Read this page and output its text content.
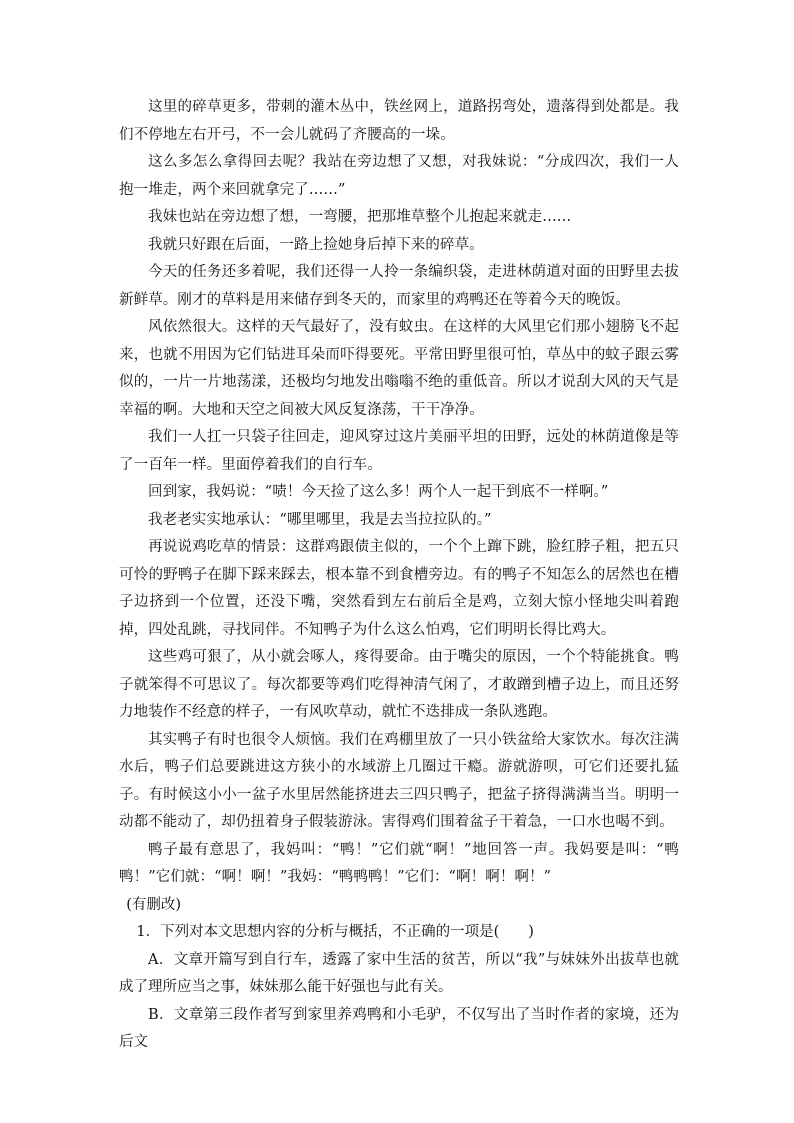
这里的碎草更多，带刺的灌木丛中，铁丝网上，道路拐弯处，遗落得到处都是。我们不停地左右开弓，不一会儿就码了齐腰高的一垛。

这么多怎么拿得回去呢？我站在旁边想了又想，对我妹说：“分成四次，我们一人抱一堆走，两个来回就拿完了……”

我妹也站在旁边想了想，一弯腰，把那堆草整个儿抱起来就走……

我就只好跟在后面，一路上捡她身后掉下来的碎草。

今天的任务还多着呢，我们还得一人拎一条编织袋，走进林荫道对面的田野里去拔新鲜草。刚才的草料是用来储存到冬天的，而家里的鸡鸭还在等着今天的晚饭。

风依然很大。这样的天气最好了，没有蚊虫。在这样的大风里它们那小翅膀飞不起来，也就不用因为它们钻进耳朵而吓得要死。平常田野里很可怕，草丛中的蚊子跟云雾似的，一片一片地荡漾，还极均匀地发出嗡嗡不绝的重低音。所以才说刮大风的天气是幸福的啊。大地和天空之间被大风反复涤荡，干干净净。

我们一人扛一只袋子往回走，迎风穿过这片美丽平坦的田野，远处的林荫道像是等了一百年一样。里面停着我们的自行车。

回到家，我妈说：“啧！今天捡了这么多！两个人一起干到底不一样啊。”

我老老实实地承认：“哪里哪里，我是去当拉拉队的。”

再说说鸡吃草的情景：这群鸡跟债主似的，一个个上蹿下跳，脸红脖子粗，把五只可怜的野鸭子在脚下踩来踩去，根本靠不到食槽旁边。有的鸭子不知怎么的居然也在槽子边挤到一个位置，还没下嘴，突然看到左右前后全是鸡，立刻大惊小怪地尖叫着跑掉，四处乱跳，寻找同伴。不知鸭子为什么这么怕鸡，它们明明长得比鸡大。

这些鸡可狠了，从小就会啄人，疼得要命。由于嘴尖的原因，一个个特能挑食。鸭子就笨得不可思议了。每次都要等鸡们吃得神清气闲了，才敢蹭到槽子边上，而且还努力地装作不经意的样子，一有风吹草动，就忙不迭排成一条队逃跑。

其实鸭子有时也很令人烦恼。我们在鸡棚里放了一只小铁盆给大家饮水。每次注满水后，鸭子们总要跳进这方狭小的水域游上几圈过干瘾。游就游呗，可它们还要扎猛子。有时候这小小一盆子水里居然能挤进去三四只鸭子，把盆子挤得满满当当。明明一动都不能动了，却仍扭着身子假装游泳。害得鸡们围着盆子干着急，一口水也喝不到。

鸭子最有意思了，我妈叫：“鸭！”它们就“啊！”地回答一声。我妈要是叫：“鸭鸭！”它们就：“啊！啊！”我妈：“鸭鸭鸭！”它们：“啊！啊！啊！”

(有删改)

1．下列对本文思想内容的分析与概括，不正确的一项是(　　)

A．文章开篇写到自行车，透露了家中生活的贫苦，所以“我”与妹妹外出拔草也就成了理所应当之事，妹妹那么能干好强也与此有关。

B．文章第三段作者写到家里养鸡鸭和小毛驴，不仅写出了当时作者的家境，还为后文
